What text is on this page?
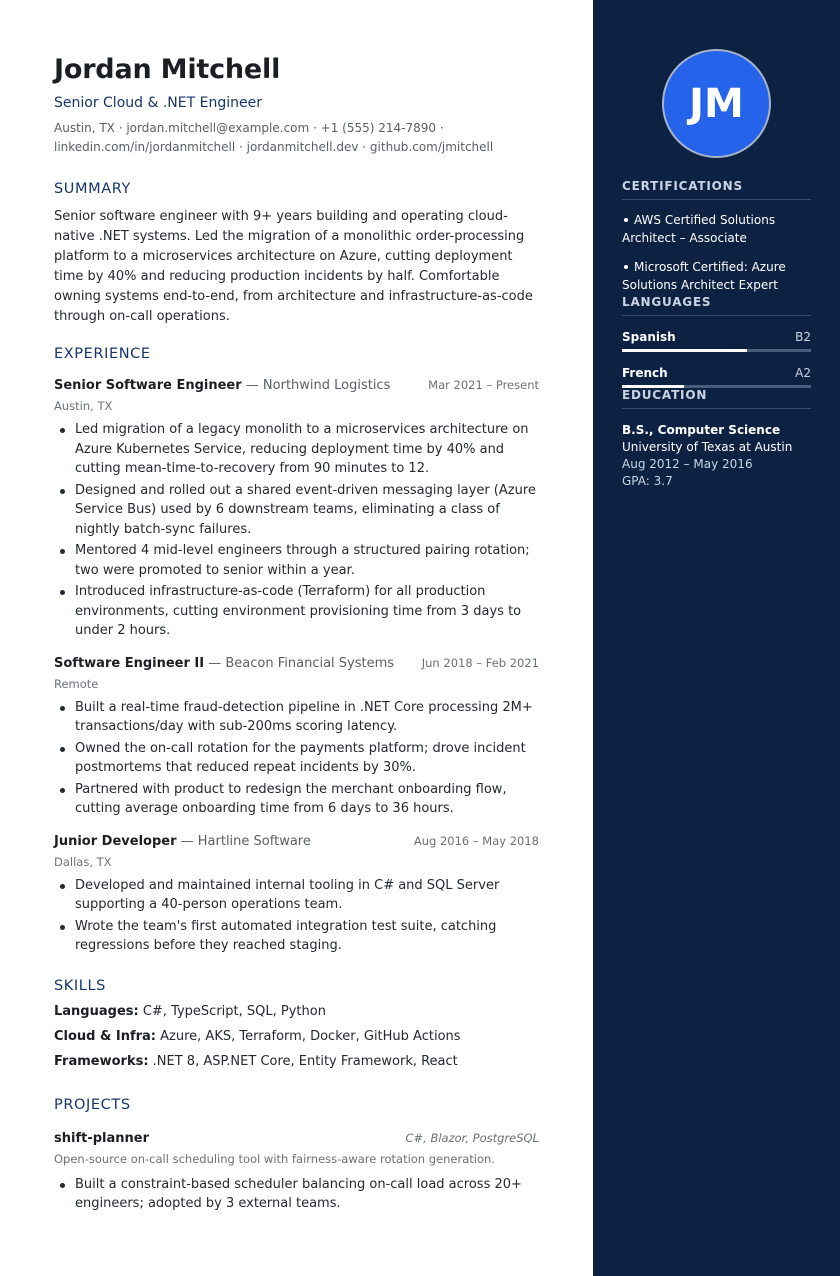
Jordan Mitchell
Senior Cloud & .NET Engineer
Austin, TX · jordan.mitchell@example.com · +1 (555) 214-7890 ·
linkedin.com/in/jordanmitchell · jordanmitchell.dev · github.com/jmitchell
SUMMARY
Senior software engineer with 9+ years building and operating cloud-native .NET systems. Led the migration of a monolithic order-processing platform to a microservices architecture on Azure, cutting deployment time by 40% and reducing production incidents by half. Comfortable owning systems end-to-end, from architecture and infrastructure-as-code through on-call operations.
EXPERIENCE
Senior Software Engineer — Northwind Logistics	Mar 2021 – Present
Austin, TX
Led migration of a legacy monolith to a microservices architecture on Azure Kubernetes Service, reducing deployment time by 40% and cutting mean-time-to-recovery from 90 minutes to 12.
Designed and rolled out a shared event-driven messaging layer (Azure Service Bus) used by 6 downstream teams, eliminating a class of nightly batch-sync failures.
Mentored 4 mid-level engineers through a structured pairing rotation; two were promoted to senior within a year.
Introduced infrastructure-as-code (Terraform) for all production environments, cutting environment provisioning time from 3 days to under 2 hours.
Software Engineer II — Beacon Financial Systems Jun 2018 – Feb 2021
Remote
Built a real-time fraud-detection pipeline in .NET Core processing 2M+ transactions/day with sub-200ms scoring latency.
Owned the on-call rotation for the payments platform; drove incident postmortems that reduced repeat incidents by 30%.
Partnered with product to redesign the merchant onboarding flow, cutting average onboarding time from 6 days to 36 hours.
Junior Developer — Hartline Software	Aug 2016 – May 2018
Dallas, TX
Developed and maintained internal tooling in C# and SQL Server supporting a 40-person operations team.
Wrote the team's first automated integration test suite, catching regressions before they reached staging.
SKILLS
Languages: C#, TypeScript, SQL, Python
Cloud & Infra: Azure, AKS, Terraform, Docker, GitHub Actions
Frameworks: .NET 8, ASP.NET Core, Entity Framework, React
PROJECTS
shift-planner	C#, Blazor, PostgreSQL
Open-source on-call scheduling tool with fairness-aware rotation generation.
Built a constraint-based scheduler balancing on-call load across 20+ engineers; adopted by 3 external teams.
JM
CERTIFICATIONS
AWS Certified Solutions
Architect – Associate
Microsoft Certified: Azure
Solutions Architect Expert
LANGUAGES
Spanish	B2
French	A2
EDUCATION
B.S., Computer Science
University of Texas at Austin
Aug 2012 – May 2016
GPA: 3.7
